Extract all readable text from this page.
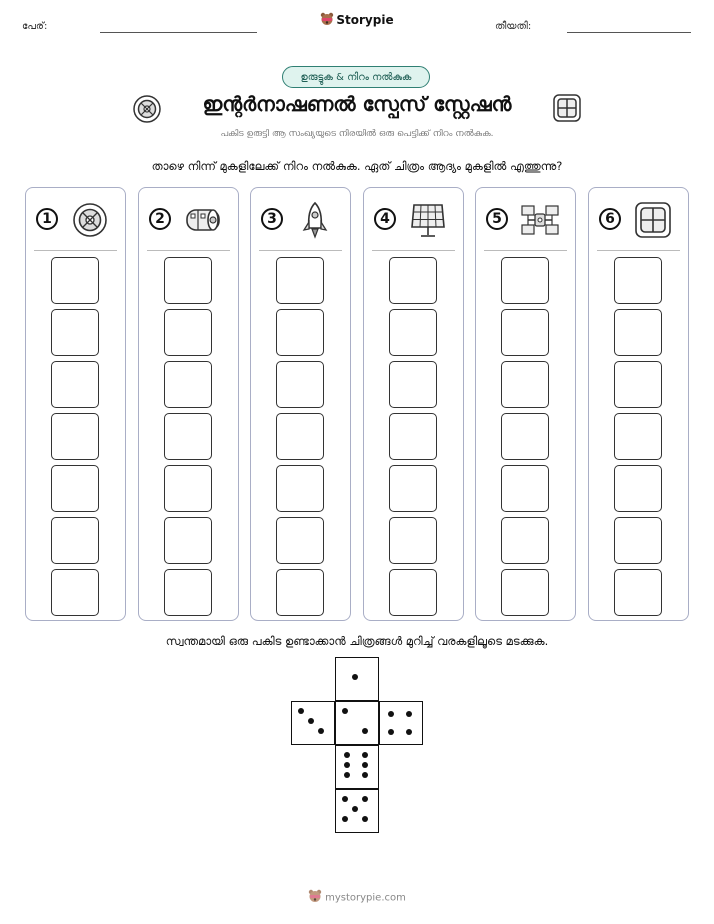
പേര്:	Storypie	തീയതി:
ഉരുട്ടുക & നിറം നൽകുക
ഇന്റർനാഷണൽ സ്പേസ് സ്റ്റേഷൻ
പകിട ഉരുട്ടി ആ സംഖ്യയുടെ നിരയിൽ ഒരു പെട്ടിക്ക് നിറം നൽകുക.
താഴെ നിന്ന് മുകളിലേക്ക് നിറം നൽകുക. ഏത് ചിത്രം ആദ്യം മുകളിൽ എത്തുന്നു?
1	2	3	4	5	6
സ്വന്തമായി ഒരു പകിട ഉണ്ടാക്കാൻ ചിത്രങ്ങൾ മുറിച്ച് വരകളിലൂടെ മടക്കുക.
mystorypie.com
